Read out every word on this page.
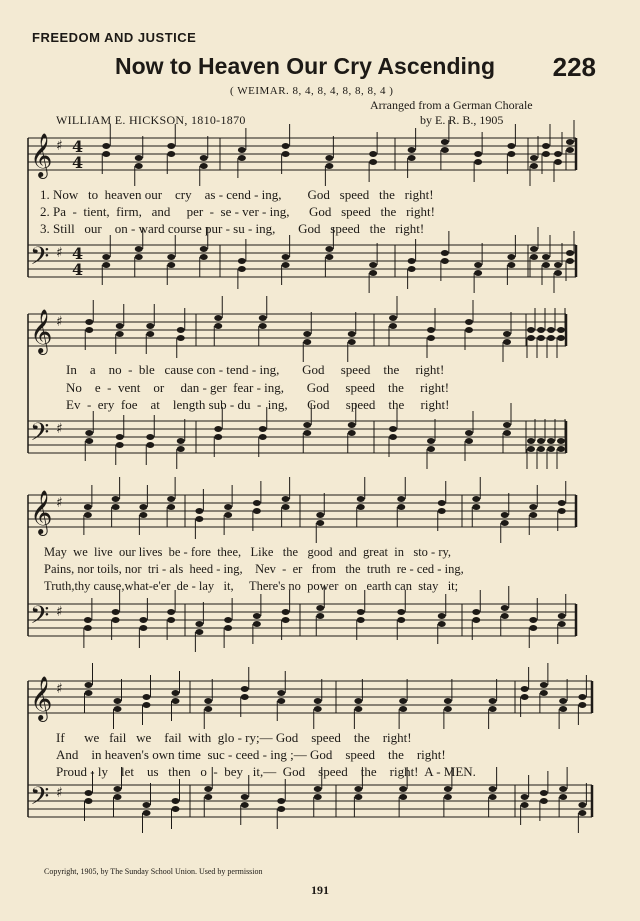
FREEDOM AND JUSTICE
Now to Heaven Our Cry Ascending	228
( WEIMAR. 8, 4, 8, 4, 8, 8, 8, 4 )
Arranged from a German Chorale
WILLIAM E. HICKSON, 1810-1870	by E. R. B., 1905
𝄞 ♯ 4
4
𝄢 ♯ 4
4
𝄞 ♯
𝄢 ♯
𝄞 ♯
𝄢 ♯
𝄞 ♯
𝄢 ♯
1. Now   to  heaven our    cry    as - cend - ing,        God   speed   the   right!
2. Pa  -  tient,  firm,   and     per  -  se - ver - ing,      God   speed   the   right!
3. Still   our    on - ward course pur - su - ing,       God   speed   the   right!
In    a    no  -  ble   cause con - tend - ing,       God     speed    the     right!
No    e  -  vent    or     dan - ger  fear - ing,       God     speed    the     right!
Ev  -  ery  foe    at    length sub - du  -  ing,      God     speed    the     right!
May  we  live  our lives  be - fore  thee,   Like   the   good  and  great  in   sto - ry,
Pains, nor toils, nor  tri - als  heed - ing,    Nev  -  er   from   the  truth  re - ced - ing,
Truth,thy cause,what-e'er  de - lay   it,     There's no  power  on   earth can  stay   it;
If      we   fail   we    fail  with  glo - ry;— God    speed    the    right!
And    in heaven's own time  suc - ceed - ing ;— God    speed    the    right!
Proud - ly    let    us   then   o  -  bey   it,—  God    speed    the    right!  A - MEN.
Copyright, 1905, by The Sunday School Union. Used by permission
191
